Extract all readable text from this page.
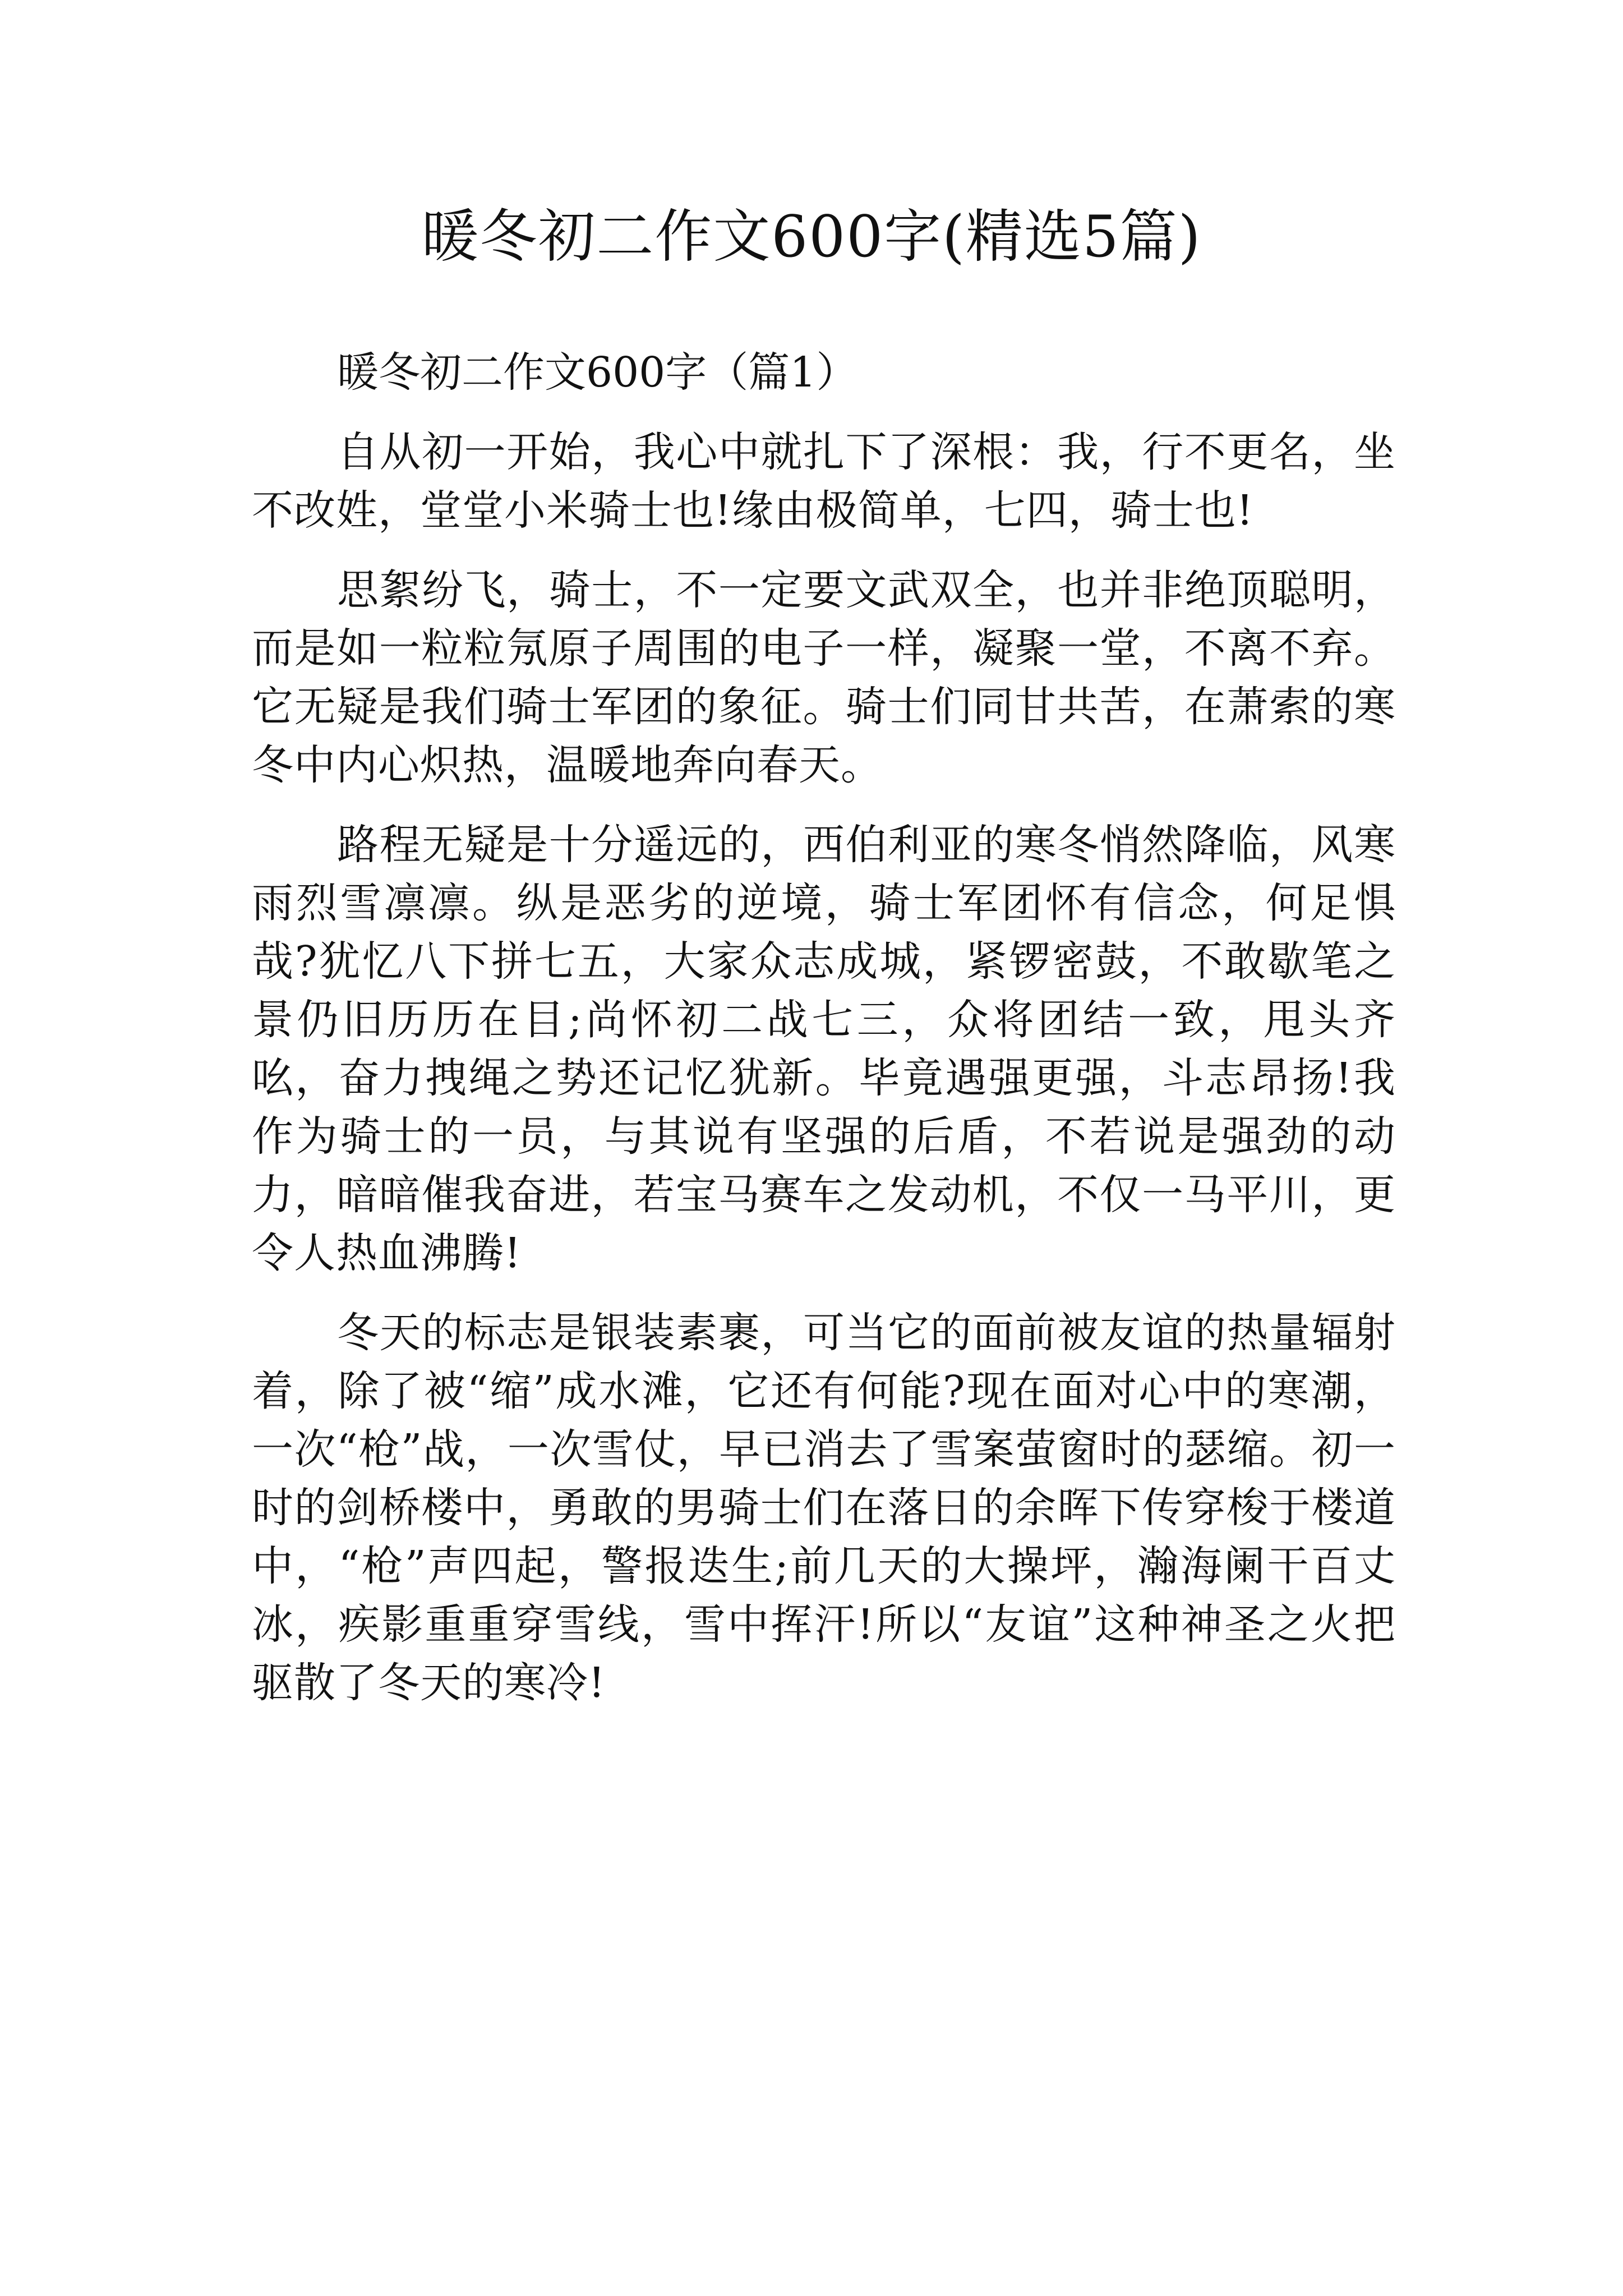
暖冬初二作文600字(精选5篇)
暖冬初二作文600字（篇1）

自从初一开始，我心中就扎下了深根：我，行不更名，坐不改姓，堂堂小米骑士也!缘由极简单，七四，骑士也!

思絮纷飞，骑士，不一定要文武双全，也并非绝顶聪明，而是如一粒粒氖原子周围的电子一样，凝聚一堂，不离不弃。它无疑是我们骑士军团的象征。骑士们同甘共苦，在萧索的寒冬中内心炽热，温暖地奔向春天。

路程无疑是十分遥远的，西伯利亚的寒冬悄然降临，风寒雨烈雪凛凛。纵是恶劣的逆境，骑士军团怀有信念，何足惧哉?犹忆八下拼七五，大家众志成城，紧锣密鼓，不敢歇笔之景仍旧历历在目;尚怀初二战七三，众将团结一致，甩头齐吆，奋力拽绳之势还记忆犹新。毕竟遇强更强，斗志昂扬!我作为骑士的一员，与其说有坚强的后盾，不若说是强劲的动力，暗暗催我奋进，若宝马赛车之发动机，不仅一马平川，更令人热血沸腾!

冬天的标志是银装素裹，可当它的面前被友谊的热量辐射着，除了被“缩”成水滩，它还有何能?现在面对心中的寒潮，一次“枪”战，一次雪仗，早已消去了雪案萤窗时的瑟缩。初一时的剑桥楼中，勇敢的男骑士们在落日的余晖下传穿梭于楼道中，“枪”声四起，警报迭生;前几天的大操坪，瀚海阑干百丈冰，疾影重重穿雪线，雪中挥汗!所以“友谊”这种神圣之火把驱散了冬天的寒冷!
